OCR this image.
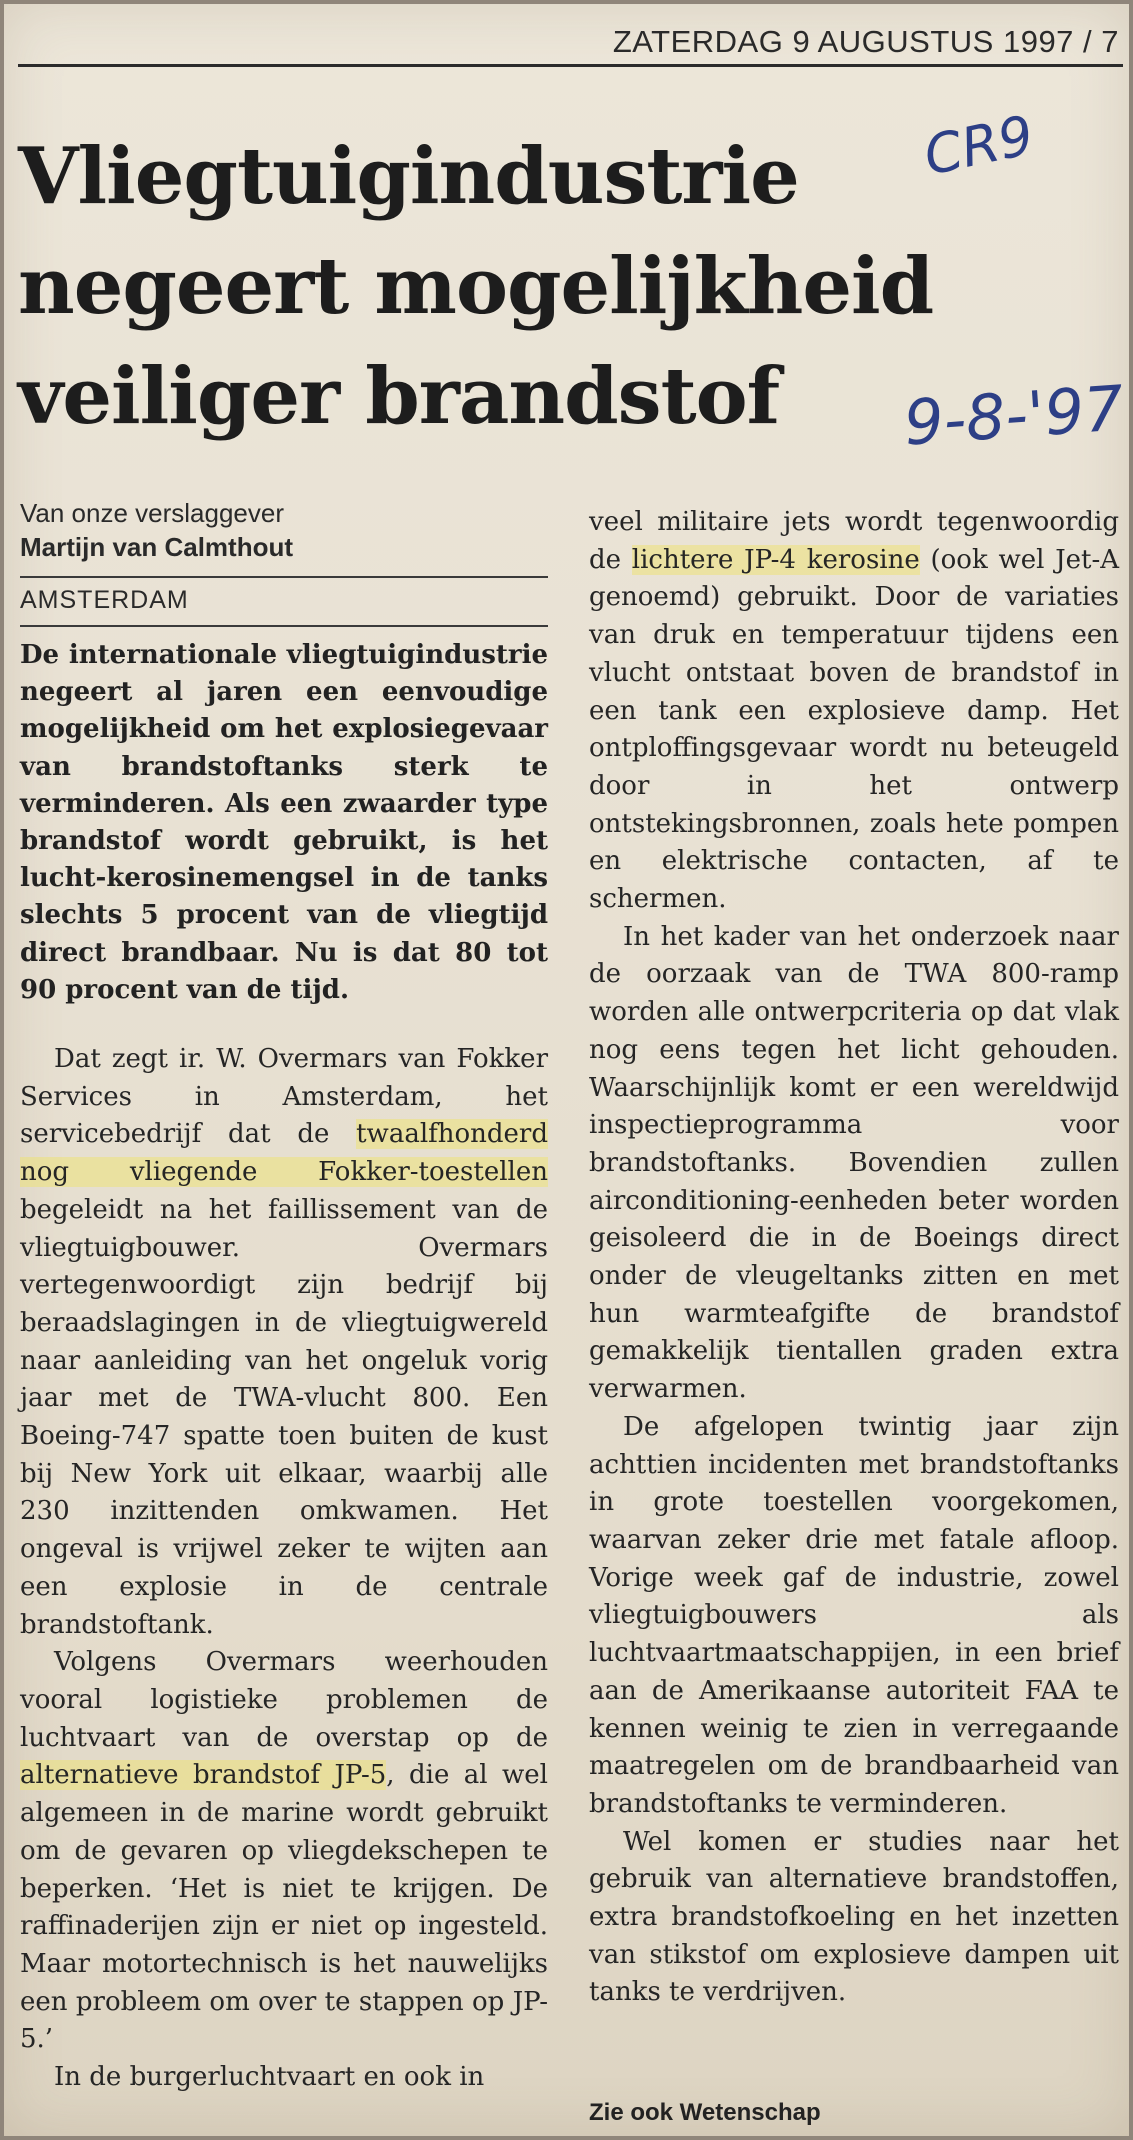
ZATERDAG 9 AUGUSTUS 1997 / 7
Vliegtuigindustrie
negeert mogelijkheid
veiliger brandstof
CR9
9-8-'97

Van onze verslaggever

Martijn van Calmthout

AMSTERDAM

De internationale vliegtuigindustrie negeert al jaren een eenvoudige mogelijkheid om het explosiegevaar van brandstoftanks sterk te verminderen. Als een zwaarder type brandstof wordt gebruikt, is het lucht-kerosinemengsel in de tanks slechts 5 procent van de vliegtijd direct brandbaar. Nu is dat 80 tot 90 procent van de tijd.

Dat zegt ir. W. Overmars van Fokker Services in Amsterdam, het servicebedrijf dat de twaalfhonderd nog vliegende Fokker-toestellen begeleidt na het faillissement van de vliegtuigbouwer. Overmars vertegenwoordigt zijn bedrijf bij beraadslagingen in de vliegtuigwereld naar aanleiding van het ongeluk vorig jaar met de TWA-vlucht 800. Een Boeing-747 spatte toen buiten de kust bij New York uit elkaar, waarbij alle 230 inzittenden omkwamen. Het ongeval is vrijwel zeker te wijten aan een explosie in de centrale brandstoftank.

Volgens Overmars weerhouden vooral logistieke problemen de luchtvaart van de overstap op de alternatieve brandstof JP-5, die al wel algemeen in de marine wordt gebruikt om de gevaren op vliegdekschepen te beperken. ‘Het is niet te krijgen. De raffinaderijen zijn er niet op ingesteld. Maar motortechnisch is het nauwelijks een probleem om over te stappen op JP-5.’

In de burgerluchtvaart en ook in

veel militaire jets wordt tegenwoordig de lichtere JP-4 kerosine (ook wel Jet-A genoemd) gebruikt. Door de variaties van druk en temperatuur tijdens een vlucht ontstaat boven de brandstof in een tank een explosieve damp. Het ontploffingsgevaar wordt nu beteugeld door in het ontwerp ontstekingsbronnen, zoals hete pompen en elektrische contacten, af te schermen.

In het kader van het onderzoek naar de oorzaak van de TWA 800-ramp worden alle ontwerpcriteria op dat vlak nog eens tegen het licht gehouden. Waarschijnlijk komt er een wereldwijd inspectieprogramma voor brandstoftanks. Bovendien zullen airconditioning-eenheden beter worden geisoleerd die in de Boeings direct onder de vleugeltanks zitten en met hun warmteafgifte de brandstof gemakkelijk tientallen graden extra verwarmen.

De afgelopen twintig jaar zijn achttien incidenten met brandstoftanks in grote toestellen voorgekomen, waarvan zeker drie met fatale afloop. Vorige week gaf de industrie, zowel vliegtuigbouwers als luchtvaartmaatschappijen, in een brief aan de Amerikaanse autoriteit FAA te kennen weinig te zien in verregaande maatregelen om de brandbaarheid van brandstoftanks te verminderen.

Wel komen er studies naar het gebruik van alternatieve brandstoffen, extra brandstofkoeling en het inzetten van stikstof om explosieve dampen uit tanks te verdrijven.

Zie ook Wetenschap
